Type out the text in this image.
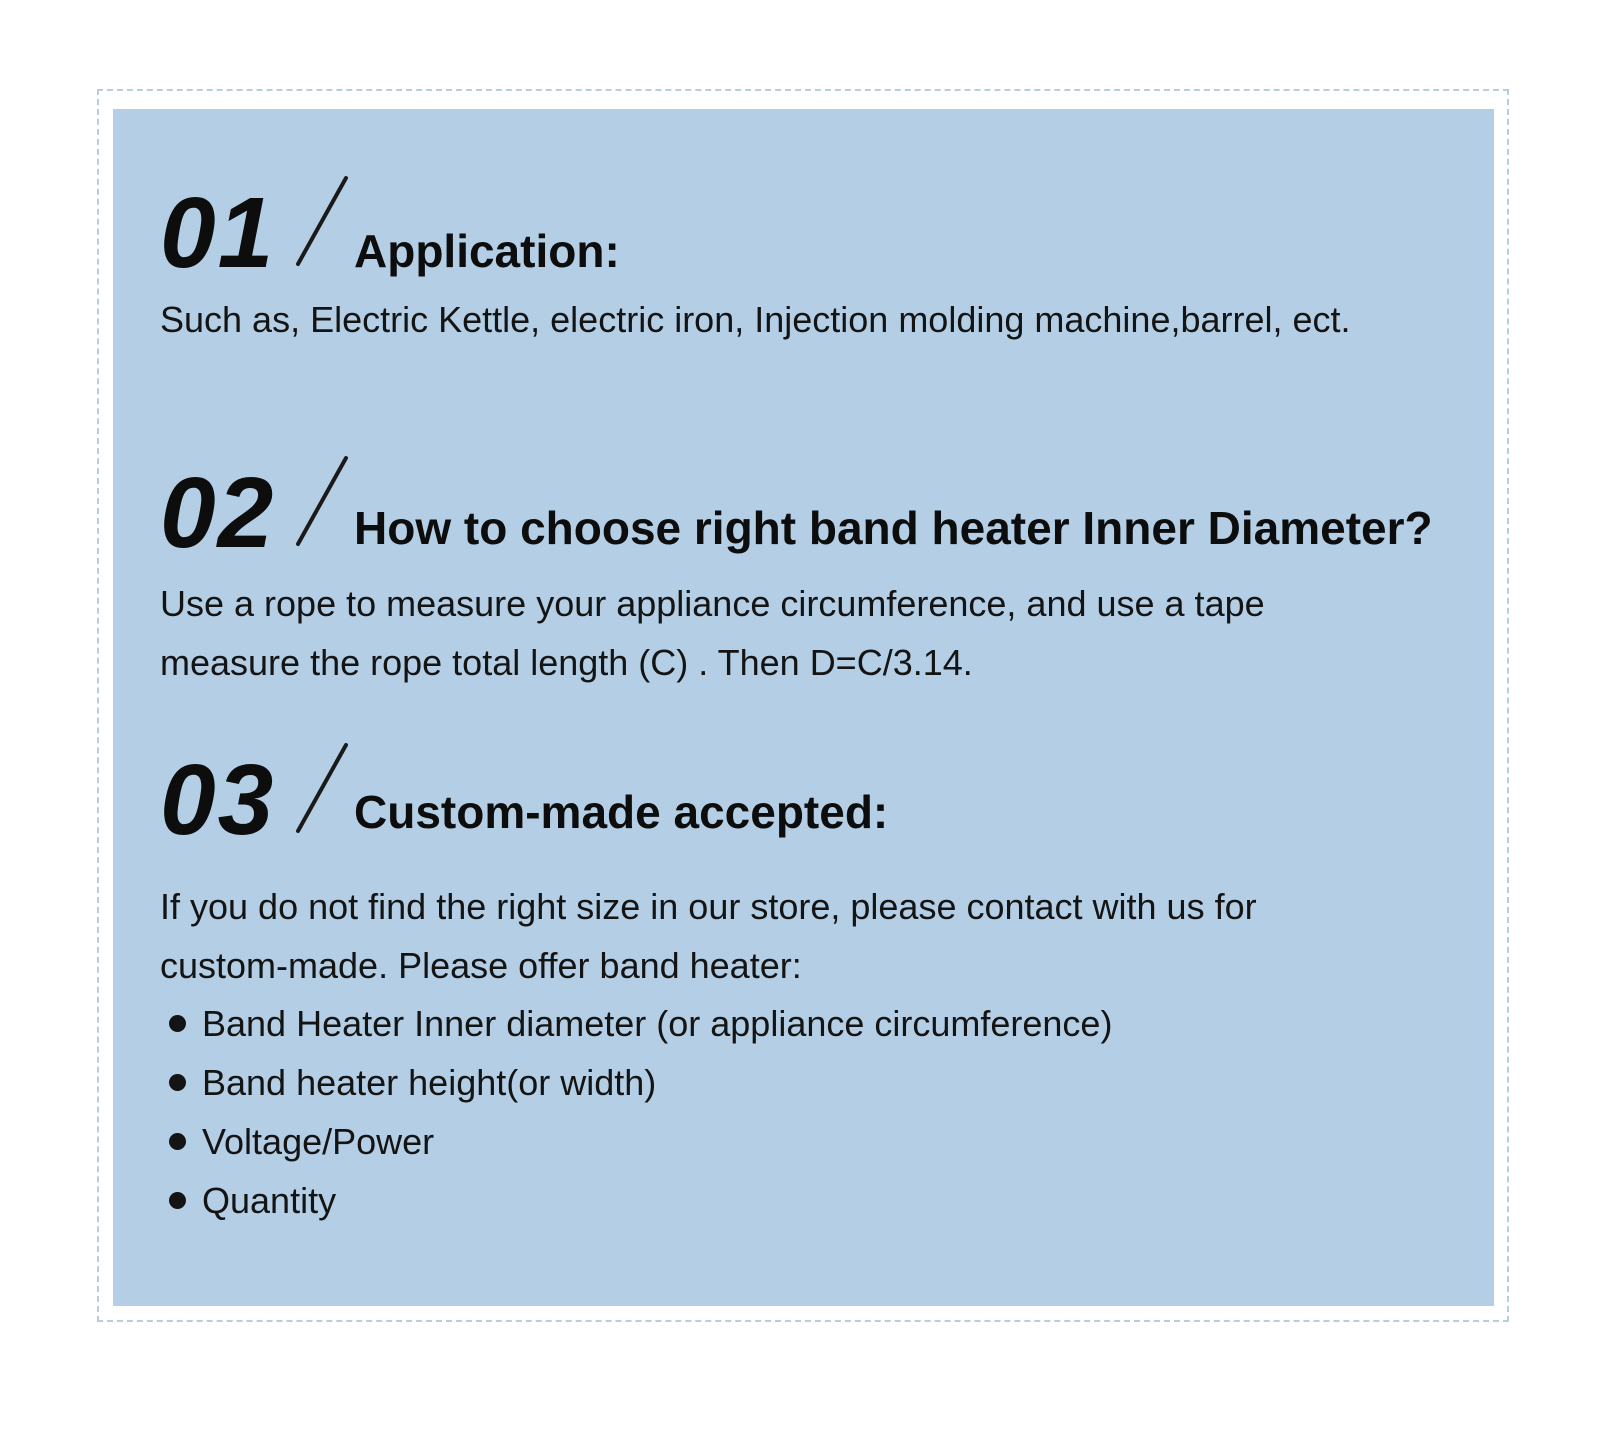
01 Application:

Such as, Electric Kettle, electric iron, Injection molding machine,barrel, ect.

02 How to choose right band heater Inner Diameter?

Use a rope to measure your appliance circumference, and use a tape

measure the rope total length (C) . Then D=C/3.14.

03 Custom-made accepted:

If you do not find the right size in our store, please contact with us for

custom-made. Please offer band heater:

Band Heater Inner diameter (or appliance circumference)
Band heater height(or width)
Voltage/Power
Quantity
